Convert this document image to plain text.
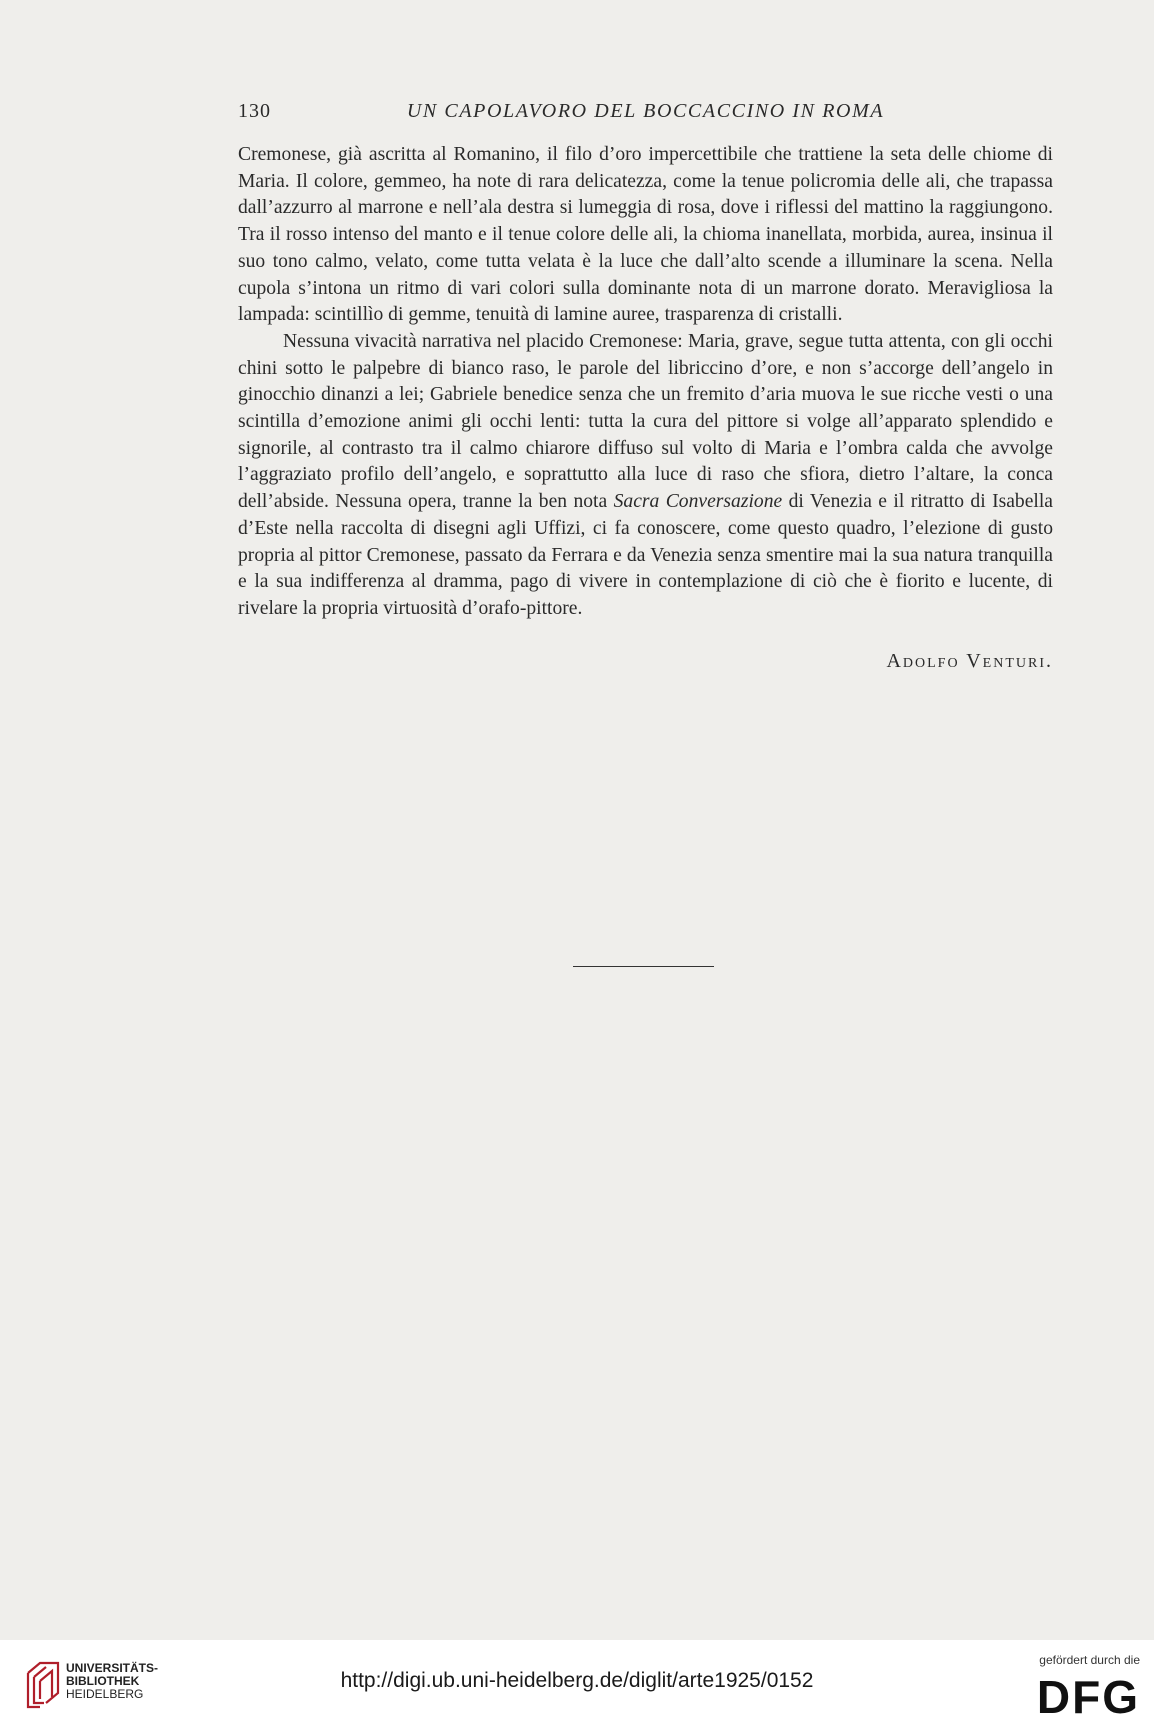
130	UN CAPOLAVORO DEL BOCCACCINO IN ROMA

Cremonese, già ascritta al Romanino, il filo d’oro impercettibile che trattiene la seta delle chiome di Maria. Il colore, gemmeo, ha note di rara delicatezza, come la tenue policromia delle ali, che trapassa dall’azzurro al marrone e nell’ala destra si lumeggia di rosa, dove i riflessi del mattino la raggiungono. Tra il rosso intenso del manto e il tenue colore delle ali, la chioma inanellata, morbida, aurea, insinua il suo tono calmo, velato, come tutta velata è la luce che dall’alto scende a illuminare la scena. Nella cupola s’intona un ritmo di vari colori sulla dominante nota di un marrone dorato. Meravigliosa la lampada: scintillìo di gemme, tenuità di lamine auree, trasparenza di cristalli.

Nessuna vivacità narrativa nel placido Cremonese: Maria, grave, segue tutta attenta, con gli occhi chini sotto le palpebre di bianco raso, le parole del libriccino d’ore, e non s’accorge dell’angelo in ginocchio dinanzi a lei; Gabriele benedice senza che un fremito d’aria muova le sue ricche vesti o una scintilla d’emozione animi gli occhi lenti: tutta la cura del pittore si volge all’apparato splendido e signorile, al contrasto tra il calmo chiarore diffuso sul volto di Maria e l’ombra calda che avvolge l’aggraziato profilo dell’angelo, e soprattutto alla luce di raso che sfiora, dietro l’altare, la conca dell’abside. Nessuna opera, tranne la ben nota Sacra Conversazione di Venezia e il ritratto di Isabella d’Este nella raccolta di disegni agli Uffizi, ci fa conoscere, come questo quadro, l’elezione di gusto propria al pittor Cremonese, passato da Ferrara e da Venezia senza smentire mai la sua natura tranquilla e la sua indifferenza al dramma, pago di vivere in contemplazione di ciò che è fiorito e lucente, di rivelare la propria virtuosità d’orafo-pittore.

Adolfo Venturi.
UNIVERSITÄTS-
BIBLIOTHEK
HEIDELBERG
http://digi.ub.uni-heidelberg.de/diglit/arte1925/0152
gefördert durch die
DFG
